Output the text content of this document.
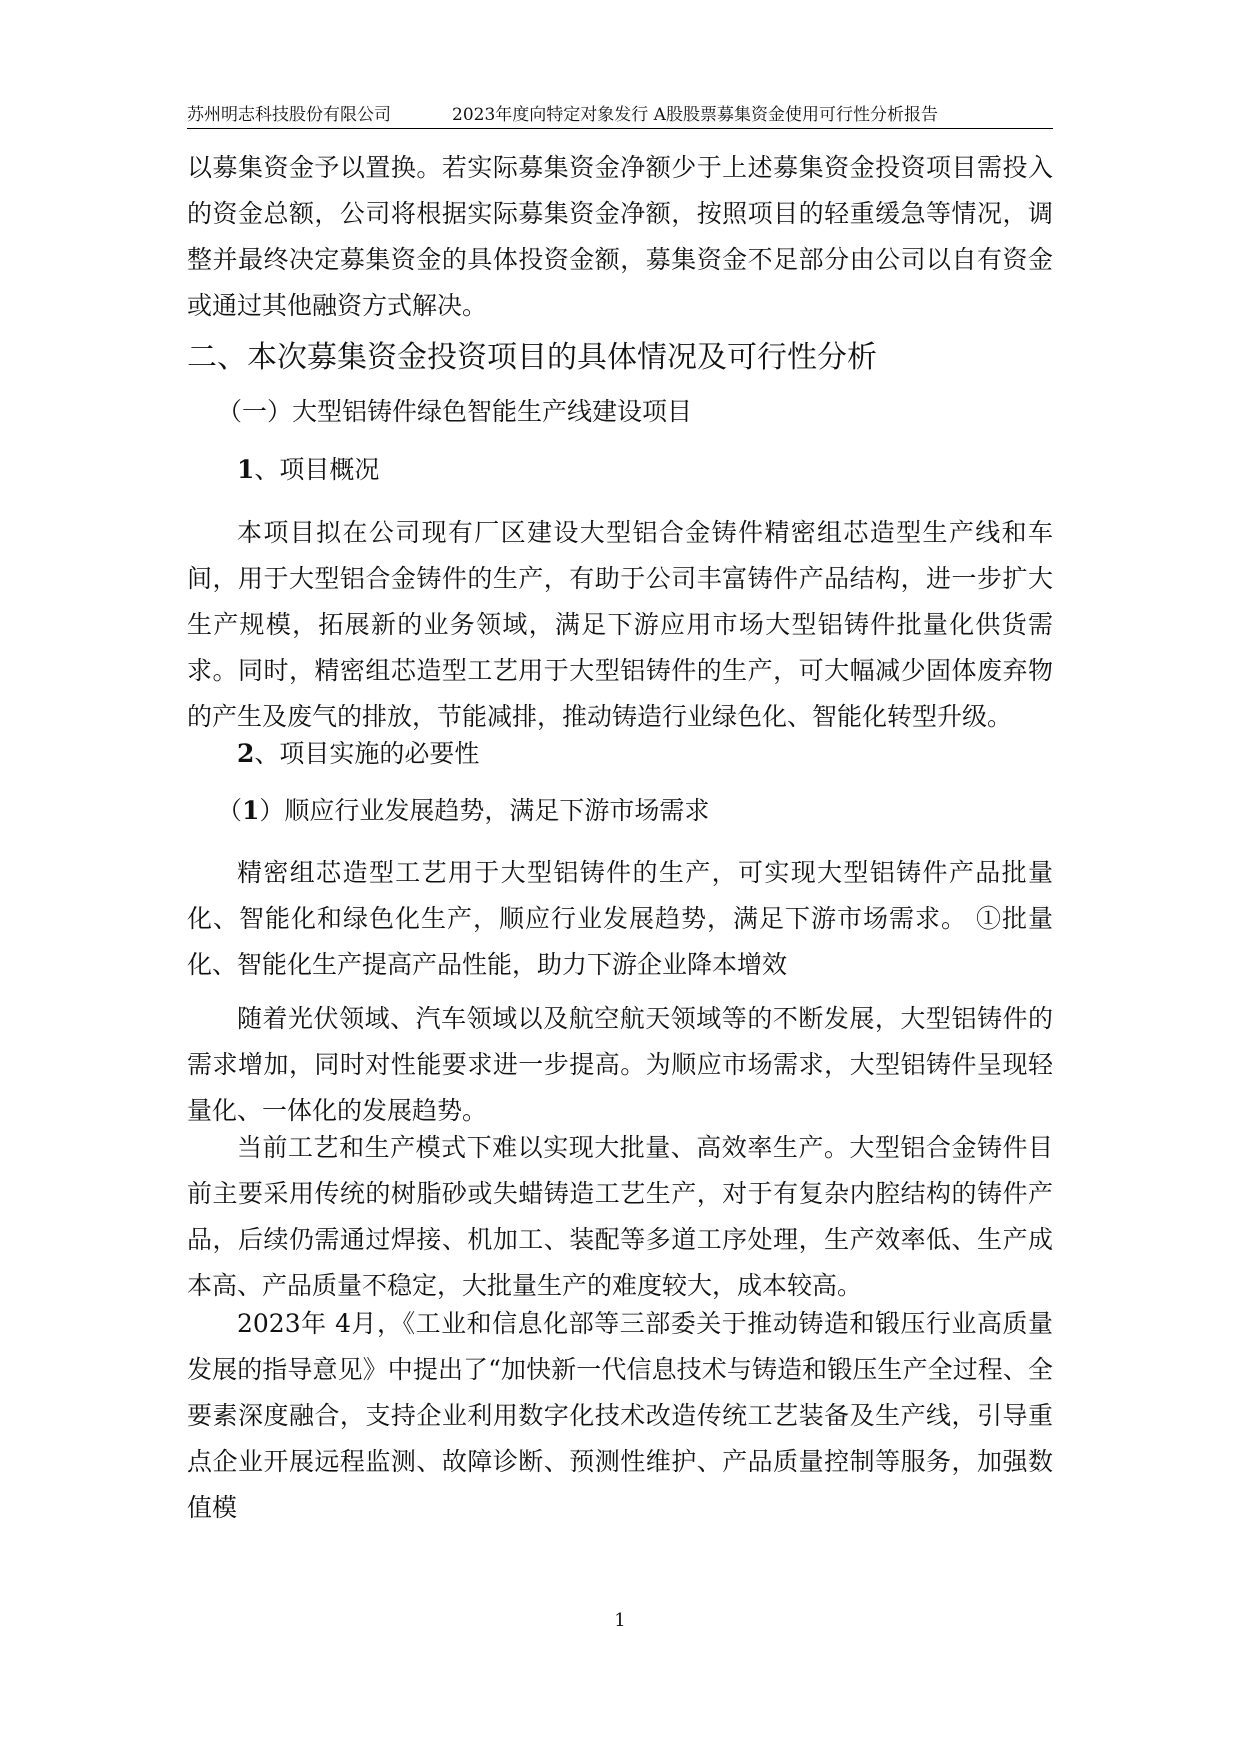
苏州明志科技股份有限公司	2023年度向特定对象发行 A股股票募集资金使用可行性分析报告

以募集资金予以置换。若实际募集资金净额少于上述募集资金投资项目需投入的资金总额，公司将根据实际募集资金净额，按照项目的轻重缓急等情况，调整并最终决定募集资金的具体投资金额，募集资金不足部分由公司以自有资金或通过其他融资方式解决。

二、本次募集资金投资项目的具体情况及可行性分析
（一）大型铝铸件绿色智能生产线建设项目
1、项目概况

本项目拟在公司现有厂区建设大型铝合金铸件精密组芯造型生产线和车间，用于大型铝合金铸件的生产，有助于公司丰富铸件产品结构，进一步扩大生产规模，拓展新的业务领域，满足下游应用市场大型铝铸件批量化供货需求。同时，精密组芯造型工艺用于大型铝铸件的生产，可大幅减少固体废弃物的产生及废气的排放，节能减排，推动铸造行业绿色化、智能化转型升级。

2、项目实施的必要性
（1）顺应行业发展趋势，满足下游市场需求

精密组芯造型工艺用于大型铝铸件的生产，可实现大型铝铸件产品批量化、智能化和绿色化生产，顺应行业发展趋势，满足下游市场需求。 ①批量化、智能化生产提高产品性能，助力下游企业降本增效

随着光伏领域、汽车领域以及航空航天领域等的不断发展，大型铝铸件的需求增加，同时对性能要求进一步提高。为顺应市场需求，大型铝铸件呈现轻量化、一体化的发展趋势。

当前工艺和生产模式下难以实现大批量、高效率生产。大型铝合金铸件目前主要采用传统的树脂砂或失蜡铸造工艺生产，对于有复杂内腔结构的铸件产品，后续仍需通过焊接、机加工、装配等多道工序处理，生产效率低、生产成本高、产品质量不稳定，大批量生产的难度较大，成本较高。

2023年 4月，《工业和信息化部等三部委关于推动铸造和锻压行业高质量发展的指导意见》中提出了“加快新一代信息技术与铸造和锻压生产全过程、全要素深度融合，支持企业利用数字化技术改造传统工艺装备及生产线，引导重点企业开展远程监测、故障诊断、预测性维护、产品质量控制等服务，加强数值模

1
